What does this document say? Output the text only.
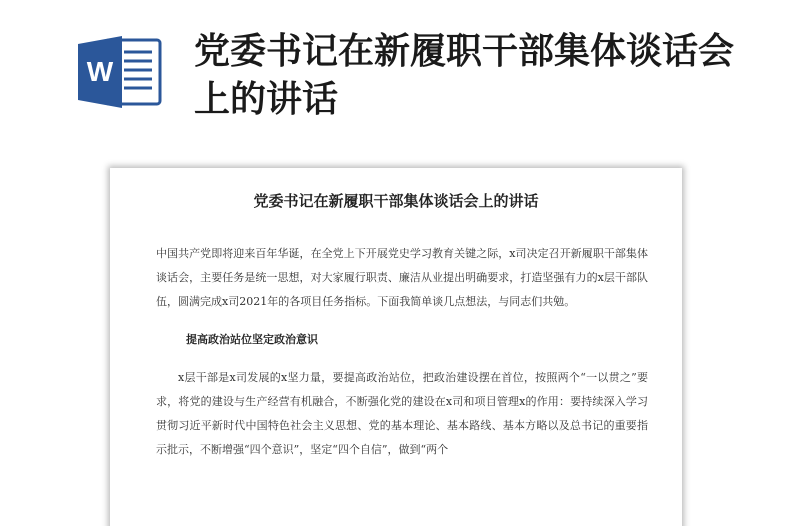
W 党委书记在新履职干部集体谈话会上的讲话
党委书记在新履职干部集体谈话会上的讲话

中国共产党即将迎来百年华诞，在全党上下开展党史学习教育关键之际，x司决定召开新履职干部集体谈话会，主要任务是统一思想，对大家履行职责、廉洁从业提出明确要求，打造坚强有力的x层干部队伍，圆满完成x司2021年的各项目任务指标。下面我简单谈几点想法，与同志们共勉。

提高政治站位坚定政治意识

x层干部是x司发展的x坚力量，要提高政治站位，把政治建设摆在首位，按照两个“一以贯之”要求，将党的建设与生产经营有机融合，不断强化党的建设在x司和项目管理x的作用：要持续深入学习贯彻习近平新时代中国特色社会主义思想、党的基本理论、基本路线、基本方略以及总书记的重要指示批示，不断增强“四个意识”，坚定“四个自信”，做到“两个
